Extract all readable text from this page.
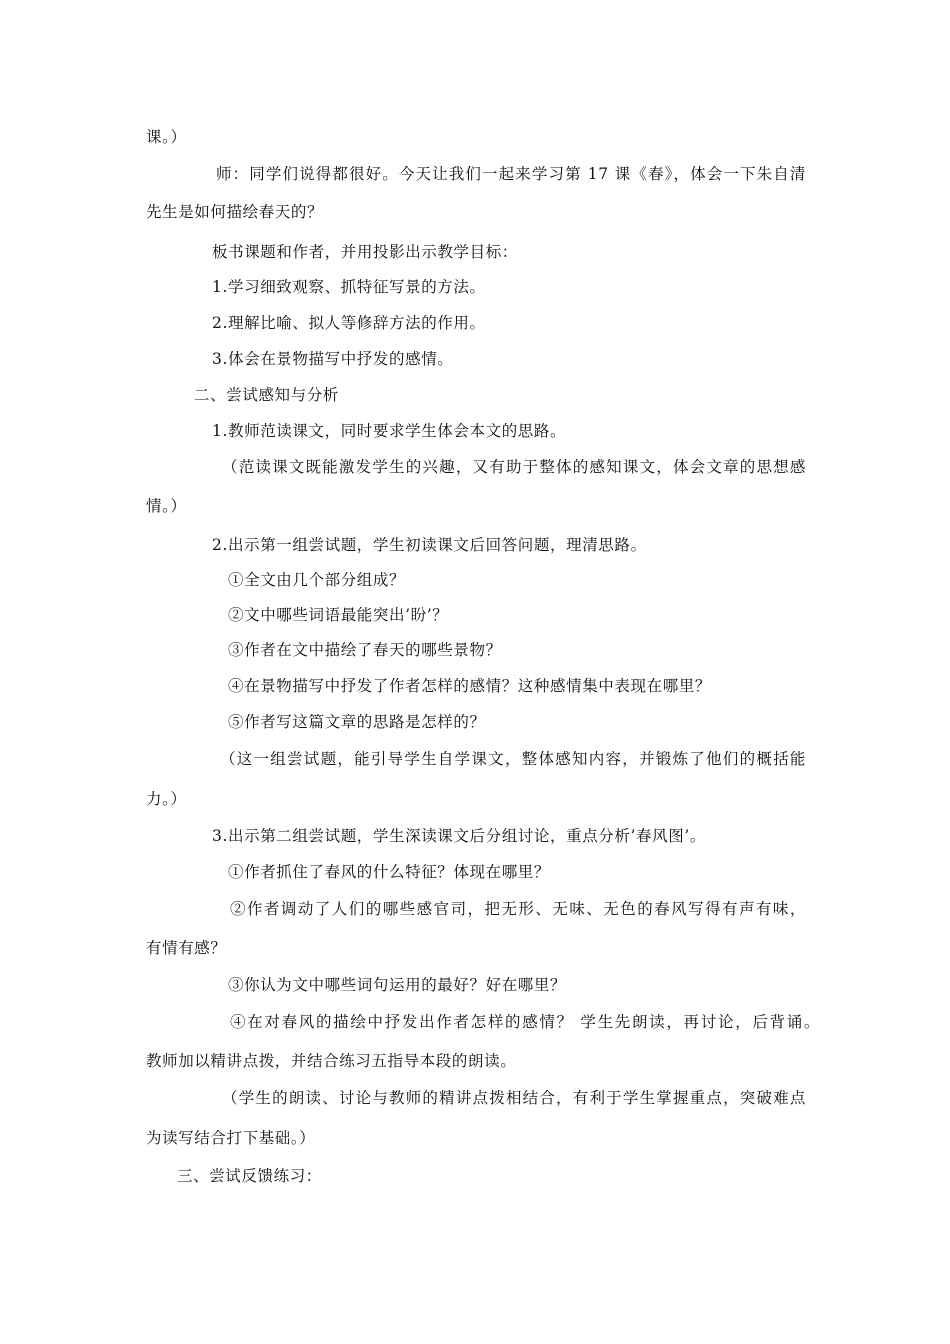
课。）
师：同学们说得都很好。今天让我们一起来学习第 17 课《春》，体会一下朱自清
先生是如何描绘春天的？
板书课题和作者，并用投影出示教学目标：
1.学习细致观察、抓特征写景的方法。
2.理解比喻、拟人等修辞方法的作用。
3.体会在景物描写中抒发的感情。
二、尝试感知与分析
1.教师范读课文，同时要求学生体会本文的思路。
（范读课文既能激发学生的兴趣，又有助于整体的感知课文，体会文章的思想感
情。）
2.出示第一组尝试题，学生初读课文后回答问题，理清思路。
①全文由几个部分组成？
②文中哪些词语最能突出’盼’？
③作者在文中描绘了春天的哪些景物？
④在景物描写中抒发了作者怎样的感情？这种感情集中表现在哪里？
⑤作者写这篇文章的思路是怎样的？
（这一组尝试题，能引导学生自学课文，整体感知内容，并锻炼了他们的概括能
力。）
3.出示第二组尝试题，学生深读课文后分组讨论，重点分析’春风图’。
①作者抓住了春风的什么特征？体现在哪里？
②作者调动了人们的哪些感官司，把无形、无味、无色的春风写得有声有味，
有情有感？
③你认为文中哪些词句运用的最好？好在哪里？
④在对春风的描绘中抒发出作者怎样的感情？ 学生先朗读，再讨论，后背诵。
教师加以精讲点拨，并结合练习五指导本段的朗读。
（学生的朗读、讨论与教师的精讲点拨相结合，有利于学生掌握重点，突破难点
为读写结合打下基础。）
三、尝试反馈练习：
